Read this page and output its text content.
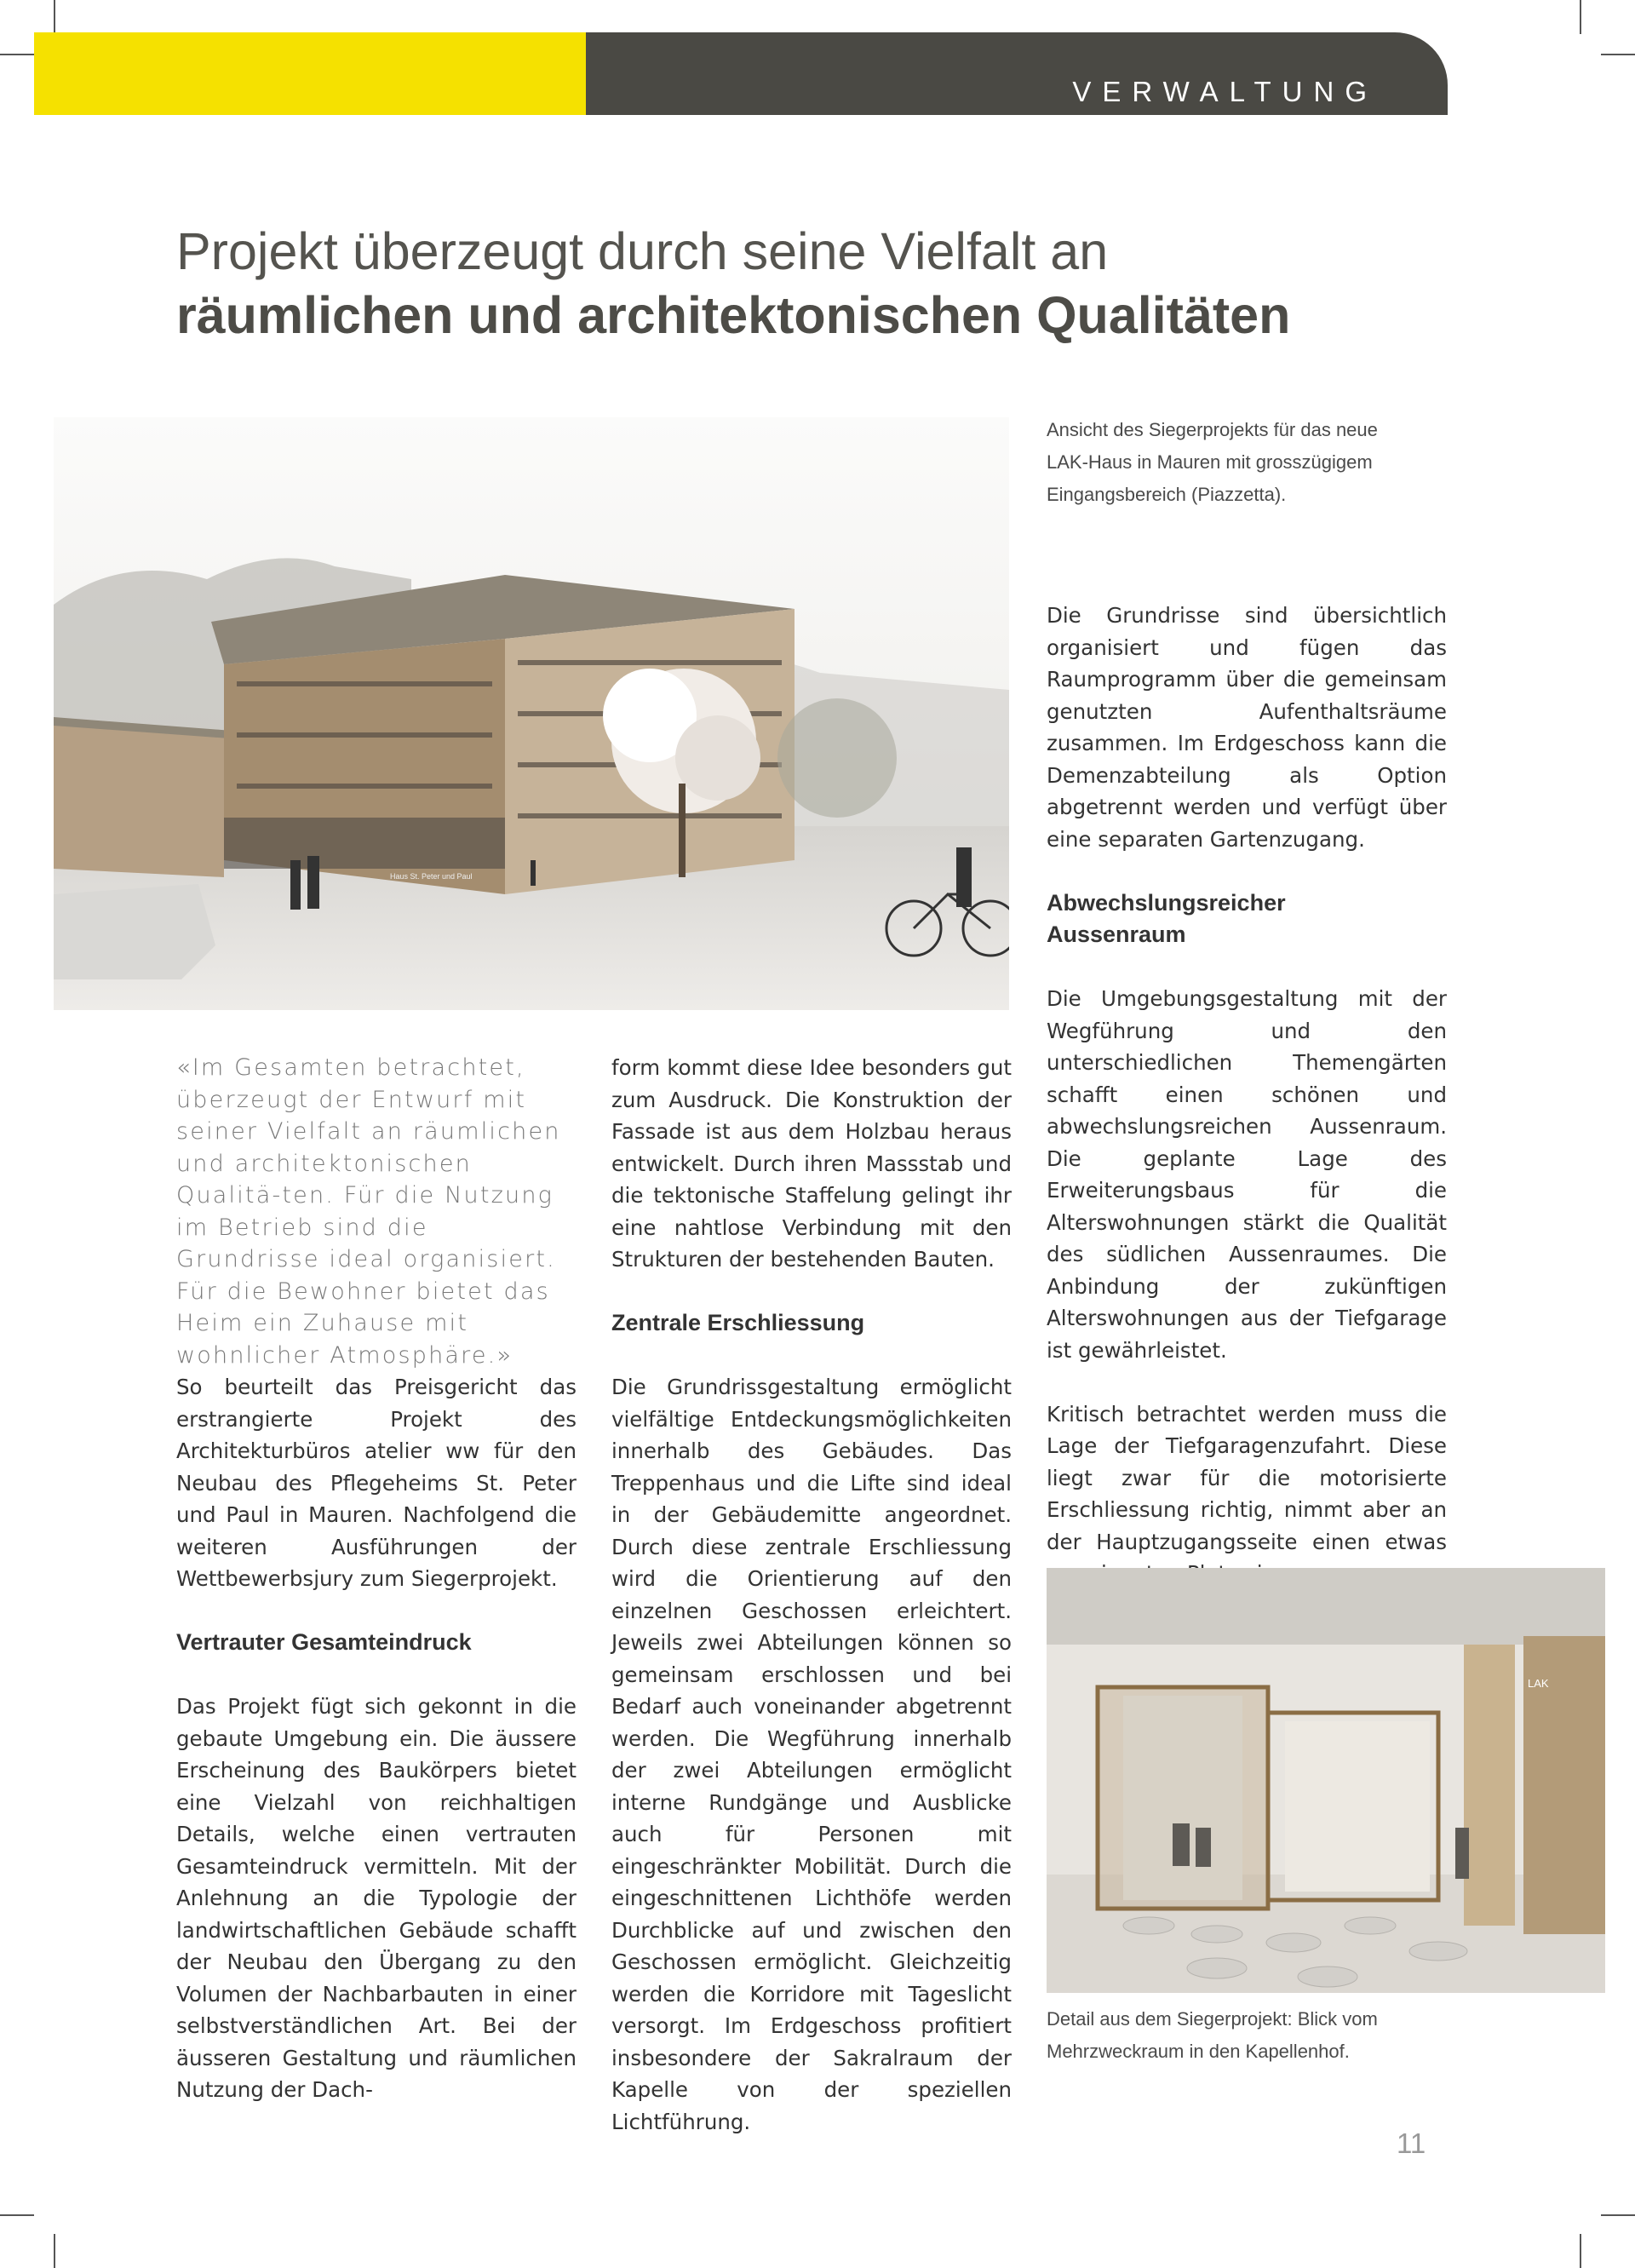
VERWALTUNG
Projekt überzeugt durch seine Vielfalt an
räumlichen und architektonischen Qualitäten
Haus St. Peter und Paul
Ansicht des Siegerprojekts für das neue
LAK-Haus in Mauren mit grosszügigem
Eingangsbereich (Piazzetta).
«Im Gesamten betrachtet, überzeugt der Entwurf mit seiner Vielfalt an räumlichen und architektonischen Qualitä-ten. Für die Nutzung im Betrieb sind die Grundrisse ideal organisiert. Für die Bewohner bietet das Heim ein Zuhause mit wohnlicher Atmosphäre.»

So beurteilt das Preisgericht das erstrangierte Projekt des Architekturbüros atelier ww für den Neubau des Pflegeheims St. Peter und Paul in Mauren. Nachfolgend die weiteren Ausführungen der Wettbewerbsjury zum Siegerprojekt.

Vertrauter Gesamteindruck

Das Projekt fügt sich gekonnt in die gebaute Umgebung ein. Die äussere Erscheinung des Baukörpers bietet eine Vielzahl von reichhaltigen Details, welche einen vertrauten Gesamteindruck vermitteln. Mit der Anlehnung an die Typologie der landwirtschaftlichen Gebäude schafft der Neubau den Übergang zu den Volumen der Nachbarbauten in einer selbstverständlichen Art. Bei der äusseren Gestaltung und räumlichen Nutzung der Dach-

form kommt diese Idee besonders gut zum Ausdruck. Die Konstruktion der Fassade ist aus dem Holzbau heraus entwickelt. Durch ihren Massstab und die tektonische Staffelung gelingt ihr eine nahtlose Verbindung mit den Strukturen der bestehenden Bauten.

Zentrale Erschliessung

Die Grundrissgestaltung ermöglicht vielfältige Entdeckungsmöglichkeiten innerhalb des Gebäudes. Das Treppenhaus und die Lifte sind ideal in der Gebäudemitte angeordnet. Durch diese zentrale Erschliessung wird die Orientierung auf den einzelnen Geschossen erleichtert. Jeweils zwei Abteilungen können so gemeinsam erschlossen und bei Bedarf auch voneinander abgetrennt werden. Die Wegführung innerhalb der zwei Abteilungen ermöglicht interne Rundgänge und Ausblicke auch für Personen mit eingeschränkter Mobilität. Durch die eingeschnittenen Lichthöfe werden Durchblicke auf und zwischen den Geschossen ermöglicht. Gleichzeitig werden die Korridore mit Tageslicht versorgt. Im Erdgeschoss profitiert insbesondere der Sakralraum der Kapelle von der speziellen Lichtführung.

Die Grundrisse sind übersichtlich organisiert und fügen das Raumprogramm über die gemeinsam genutzten Aufenthaltsräume zusammen. Im Erdgeschoss kann die Demenzabteilung als Option abgetrennt werden und verfügt über eine separaten Gartenzugang.

Abwechslungsreicher
Aussenraum

Die Umgebungsgestaltung mit der Wegführung und den unterschiedlichen Themengärten schafft einen schönen und abwechslungsreichen Aussenraum. Die geplante Lage des Erweiterungsbaus für die Alterswohnungen stärkt die Qualität des südlichen Aussenraumes. Die Anbindung der zukünftigen Alterswohnungen aus der Tiefgarage ist gewährleistet.

Kritisch betrachtet werden muss die Lage der Tiefgaragenzufahrt. Diese liegt zwar für die motorisierte Erschliessung richtig, nimmt aber an der Hauptzugangsseite einen etwas

LAK
Detail aus dem Siegerprojekt: Blick vom
Mehrzweckraum in den Kapellenhof.
11
